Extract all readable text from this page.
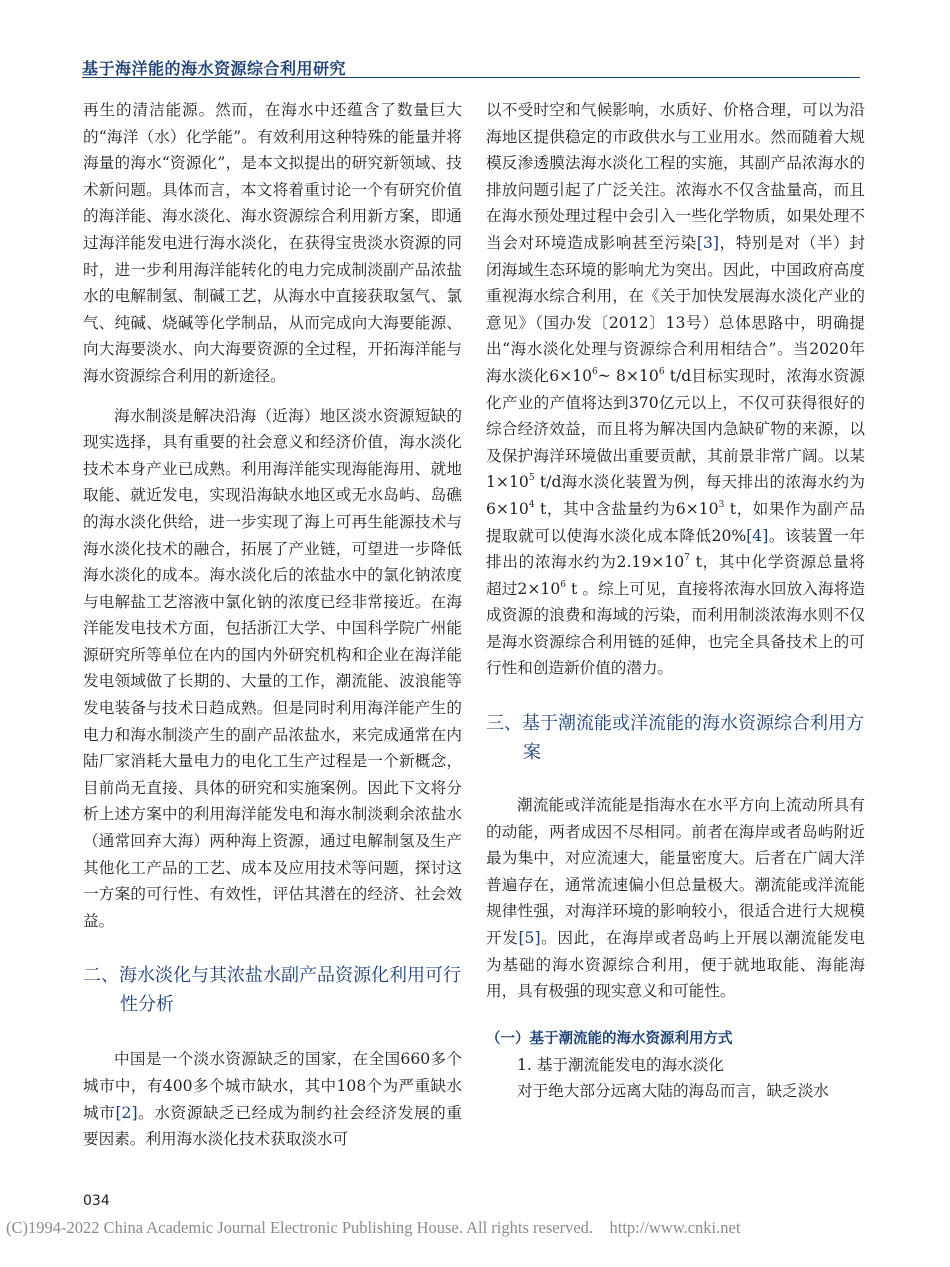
基于海洋能的海水资源综合利用研究

再生的清洁能源。然而，在海水中还蕴含了数量巨大的“海洋（水）化学能”。有效利用这种特殊的能量并将海量的海水“资源化”，是本文拟提出的研究新领域、技术新问题。具体而言，本文将着重讨论一个有研究价值的海洋能、海水淡化、海水资源综合利用新方案，即通过海洋能发电进行海水淡化，在获得宝贵淡水资源的同时，进一步利用海洋能转化的电力完成制淡副产品浓盐水的电解制氢、制碱工艺，从海水中直接获取氢气、氯气、纯碱、烧碱等化学制品，从而完成向大海要能源、向大海要淡水、向大海要资源的全过程，开拓海洋能与海水资源综合利用的新途径。

海水制淡是解决沿海（近海）地区淡水资源短缺的现实选择，具有重要的社会意义和经济价值，海水淡化技术本身产业已成熟。利用海洋能实现海能海用、就地取能、就近发电，实现沿海缺水地区或无水岛屿、岛礁的海水淡化供给，进一步实现了海上可再生能源技术与海水淡化技术的融合，拓展了产业链，可望进一步降低海水淡化的成本。海水淡化后的浓盐水中的氯化钠浓度与电解盐工艺溶液中氯化钠的浓度已经非常接近。在海洋能发电技术方面，包括浙江大学、中国科学院广州能源研究所等单位在内的国内外研究机构和企业在海洋能发电领域做了长期的、大量的工作，潮流能、波浪能等发电装备与技术日趋成熟。但是同时利用海洋能产生的电力和海水制淡产生的副产品浓盐水，来完成通常在内陆厂家消耗大量电力的电化工生产过程是一个新概念，目前尚无直接、具体的研究和实施案例。因此下文将分析上述方案中的利用海洋能发电和海水制淡剩余浓盐水（通常回弃大海）两种海上资源，通过电解制氢及生产其他化工产品的工艺、成本及应用技术等问题，探讨这一方案的可行性、有效性，评估其潜在的经济、社会效益。

二、海水淡化与其浓盐水副产品资源化利用可行性分析

中国是一个淡水资源缺乏的国家，在全国660多个城市中，有400多个城市缺水，其中108个为严重缺水城市[2]。水资源缺乏已经成为制约社会经济发展的重要因素。利用海水淡化技术获取淡水可

以不受时空和气候影响，水质好、价格合理，可以为沿海地区提供稳定的市政供水与工业用水。然而随着大规模反渗透膜法海水淡化工程的实施，其副产品浓海水的排放问题引起了广泛关注。浓海水不仅含盐量高，而且在海水预处理过程中会引入一些化学物质，如果处理不当会对环境造成影响甚至污染[3]，特别是对（半）封闭海域生态环境的影响尤为突出。因此，中国政府高度重视海水综合利用，在《关于加快发展海水淡化产业的意见》（国办发〔2012〕13号）总体思路中，明确提出“海水淡化处理与资源综合利用相结合”。当2020年海水淡化$6\times 10^6\sim$ $8\times 10^6$ t/d目标实现时，浓海水资源化产业的产值将达到370亿元以上，不仅可获得很好的综合经济效益，而且将为解决国内急缺矿物的来源，以及保护海洋环境做出重要贡献，其前景非常广阔。以某$1\times 10^5$ t/d海水淡化装置为例，每天排出的浓海水约为$6\times 10^4$ t，其中含盐量约为$6\times 10^3$ t，如果作为副产品提取就可以使海水淡化成本降低20%[4]。该装置一年排出的浓海水约为$2.19\times 10^7$ t，其中化学资源总量将超过$2\times 10^6$ t 。综上可见，直接将浓海水回放入海将造成资源的浪费和海域的污染，而利用制淡浓海水则不仅是海水资源综合利用链的延伸，也完全具备技术上的可行性和创造新价值的潜力。

三、基于潮流能或洋流能的海水资源综合利用方案

潮流能或洋流能是指海水在水平方向上流动所具有的动能，两者成因不尽相同。前者在海岸或者岛屿附近最为集中，对应流速大，能量密度大。后者在广阔大洋普遍存在，通常流速偏小但总量极大。潮流能或洋流能规律性强，对海洋环境的影响较小，很适合进行大规模开发[5]。因此，在海岸或者岛屿上开展以潮流能发电为基础的海水资源综合利用，便于就地取能、海能海用，具有极强的现实意义和可能性。

（一）基于潮流能的海水资源利用方式

1. 基于潮流能发电的海水淡化

对于绝大部分远离大陆的海岛而言，缺乏淡水

034
(C)1994-2022 China Academic Journal Electronic Publishing House. All rights reserved.    http://www.cnki.net
